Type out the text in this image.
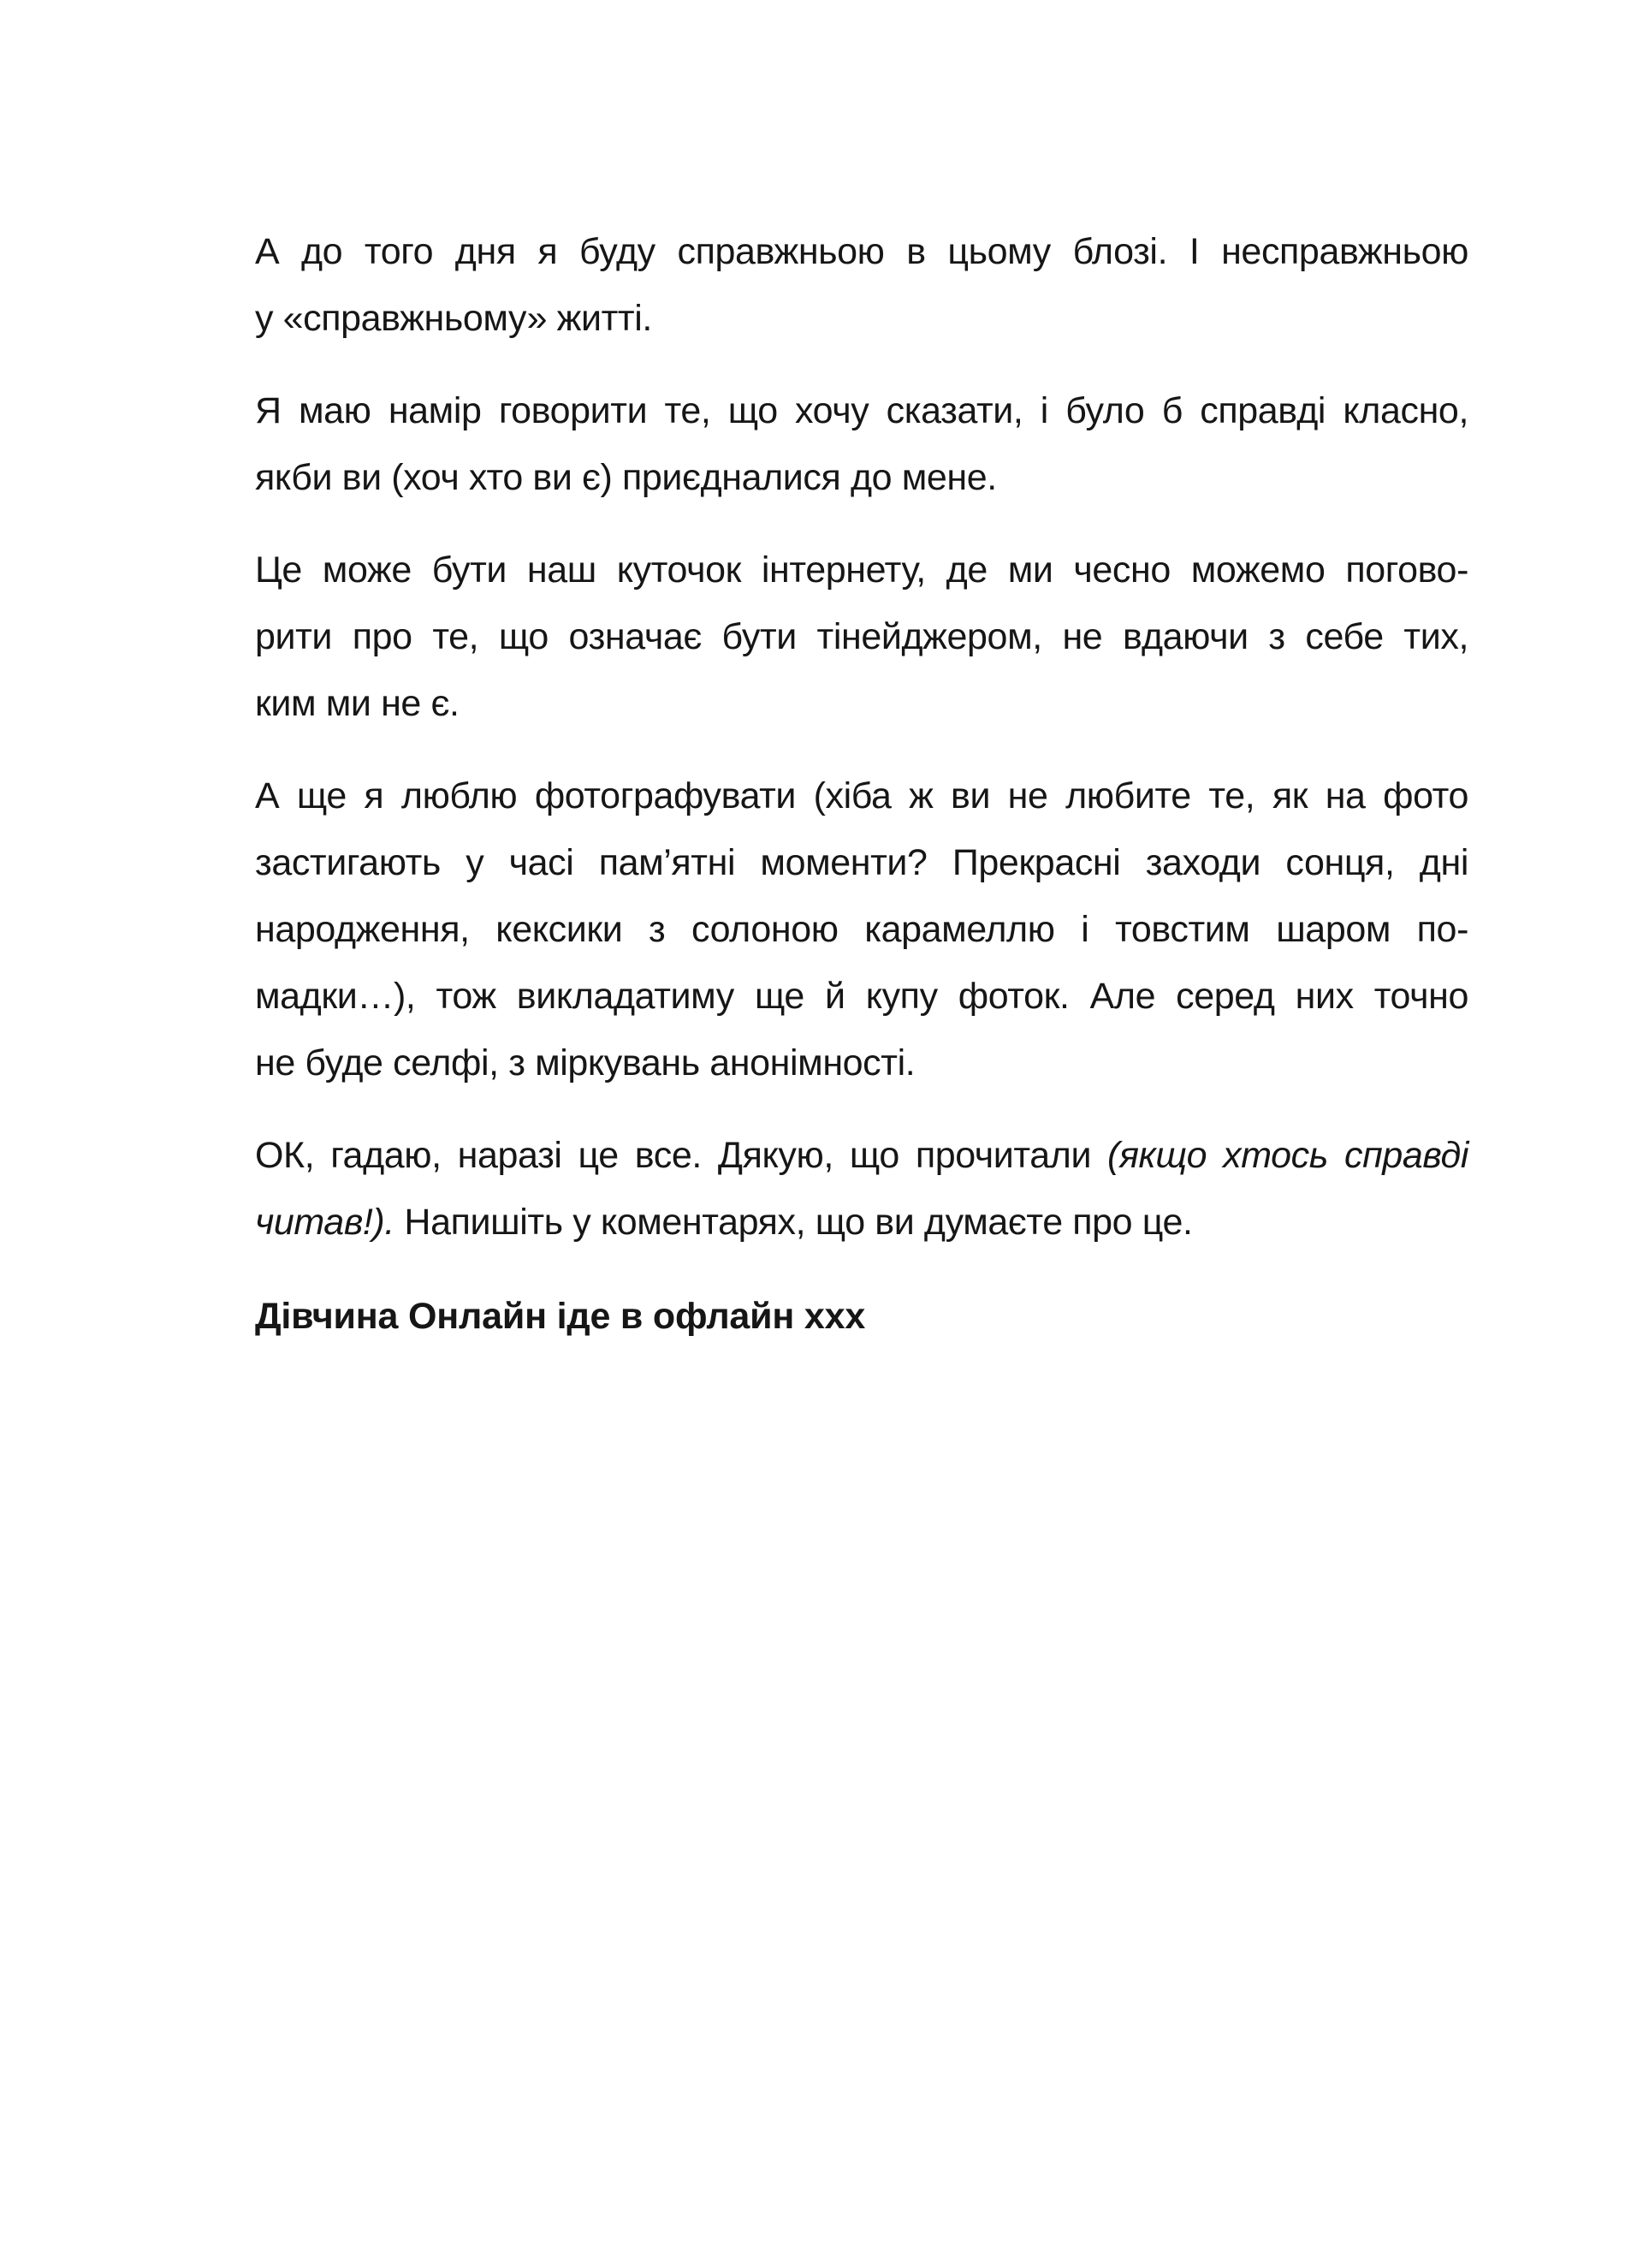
А до того дня я буду справжньою в цьому блозі. І несправжньою
у «справжньому» житті.

Я маю намір говорити те, що хочу сказати, і було б справді класно,
якби ви (хоч хто ви є) приєдналися до мене.

Це може бути наш куточок інтернету, де ми чесно можемо погово-
рити про те, що означає бути тінейджером, не вдаючи з себе тих,
ким ми не є.

А ще я люблю фотографувати (хіба ж ви не любите те, як на фото
застигають у часі пам’ятні моменти? Прекрасні заходи сонця, дні
народження, кексики з солоною карамеллю і товстим шаром по-
мадки…), тож викладатиму ще й купу фоток. Але серед них точно
не буде селфі, з міркувань анонімності.

ОК, гадаю, наразі це все. Дякую, що прочитали (якщо хтось справді
читав!). Напишіть у коментарях, що ви думаєте про це.

Дівчина Онлайн іде в офлайн ххх
